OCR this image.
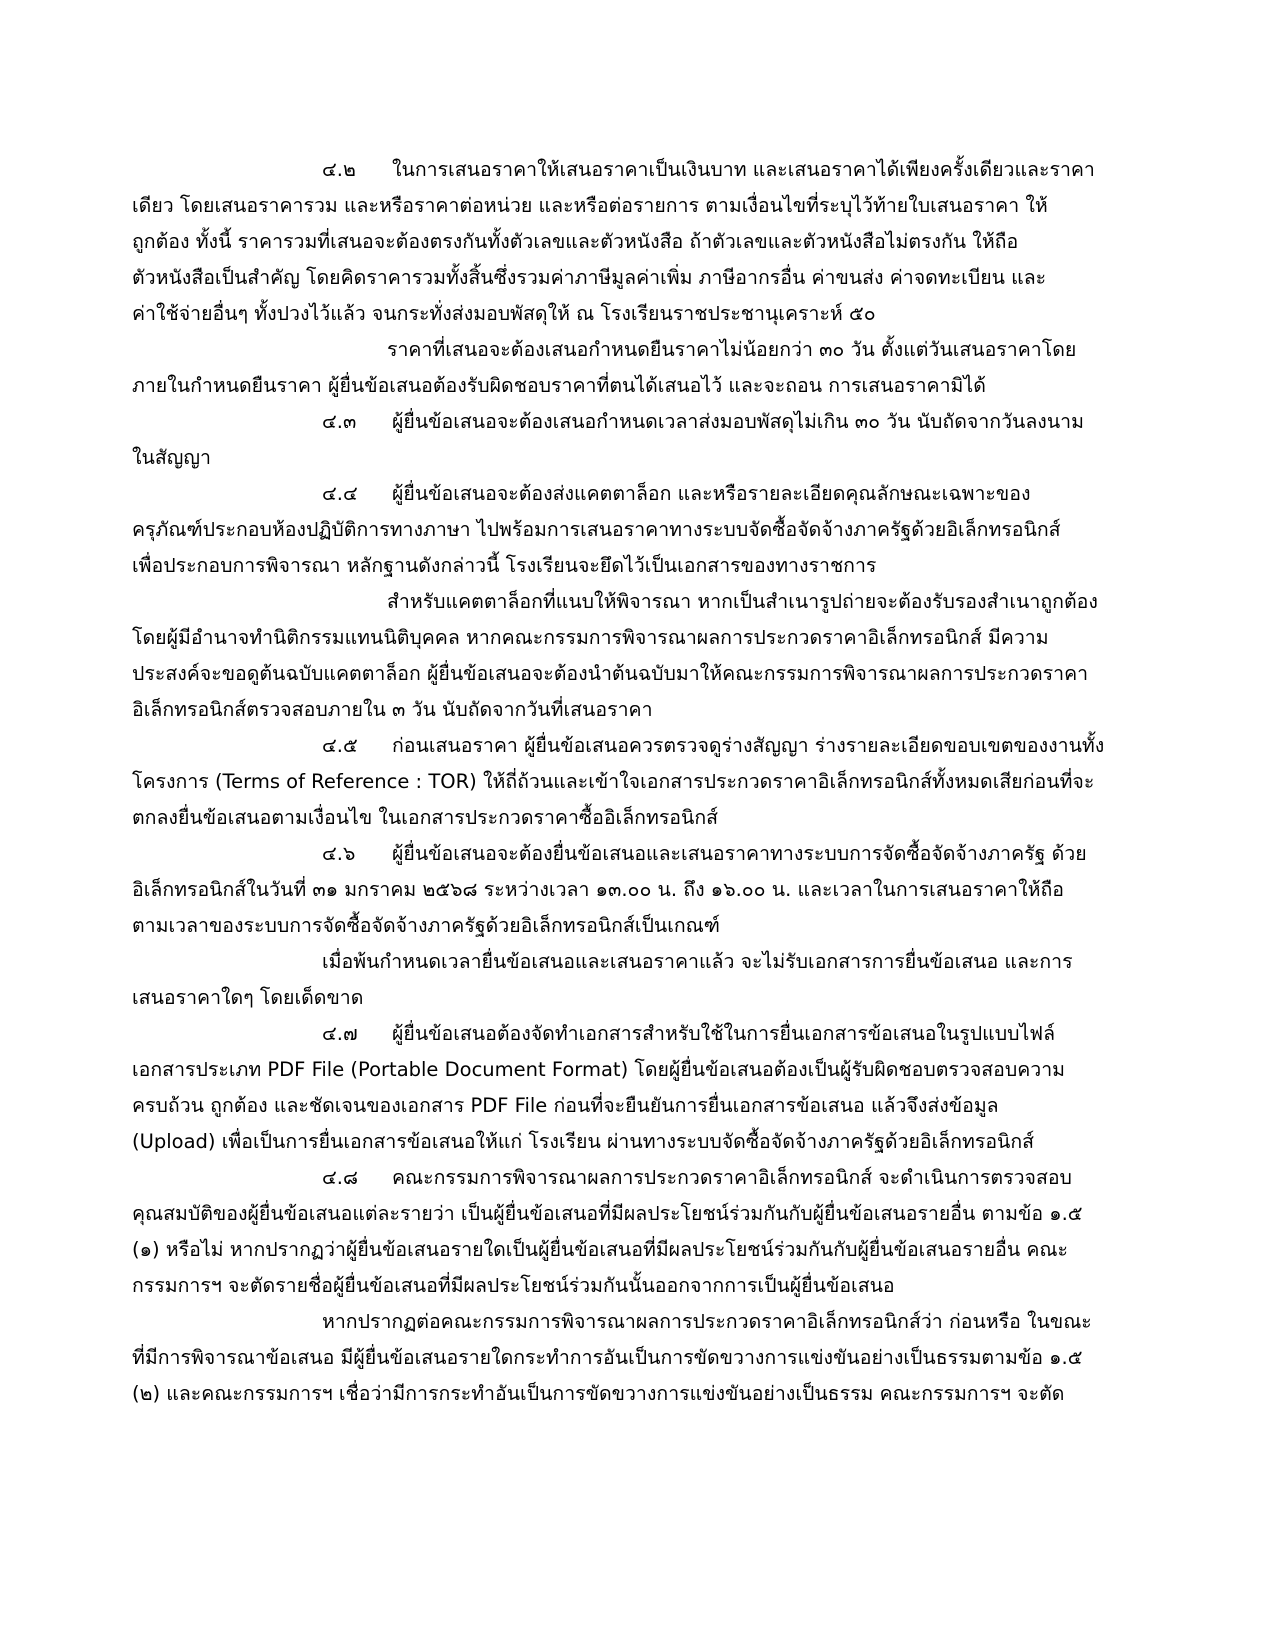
๔.๒ ในการเสนอราคาให้เสนอราคาเป็นเงินบาท และเสนอราคาได้เพียงครั้งเดียวและราคา
เดียว โดยเสนอราคารวม และหรือราคาต่อหน่วย และหรือต่อรายการ ตามเงื่อนไขที่ระบุไว้ท้ายใบเสนอราคา ให้
ถูกต้อง ทั้งนี้ ราคารวมที่เสนอจะต้องตรงกันทั้งตัวเลขและตัวหนังสือ ถ้าตัวเลขและตัวหนังสือไม่ตรงกัน ให้ถือ
ตัวหนังสือเป็นสำคัญ โดยคิดราคารวมทั้งสิ้นซึ่งรวมค่าภาษีมูลค่าเพิ่ม ภาษีอากรอื่น ค่าขนส่ง ค่าจดทะเบียน และ
ค่าใช้จ่ายอื่นๆ ทั้งปวงไว้แล้ว จนกระทั่งส่งมอบพัสดุให้ ณ โรงเรียนราชประชานุเคราะห์ ๕๐
ราคาที่เสนอจะต้องเสนอกำหนดยืนราคาไม่น้อยกว่า ๓๐ วัน ตั้งแต่วันเสนอราคาโดย
ภายในกำหนดยืนราคา ผู้ยื่นข้อเสนอต้องรับผิดชอบราคาที่ตนได้เสนอไว้ และจะถอน การเสนอราคามิได้
๔.๓ ผู้ยื่นข้อเสนอจะต้องเสนอกำหนดเวลาส่งมอบพัสดุไม่เกิน ๓๐ วัน นับถัดจากวันลงนาม
ในสัญญา
๔.๔ ผู้ยื่นข้อเสนอจะต้องส่งแคตตาล็อก และหรือรายละเอียดคุณลักษณะเฉพาะของ
ครุภัณฑ์ประกอบห้องปฏิบัติการทางภาษา ไปพร้อมการเสนอราคาทางระบบจัดซื้อจัดจ้างภาครัฐด้วยอิเล็กทรอนิกส์
เพื่อประกอบการพิจารณา หลักฐานดังกล่าวนี้ โรงเรียนจะยึดไว้เป็นเอกสารของทางราชการ
สำหรับแคตตาล็อกที่แนบให้พิจารณา หากเป็นสำเนารูปถ่ายจะต้องรับรองสำเนาถูกต้อง
โดยผู้มีอำนาจทำนิติกรรมแทนนิติบุคคล หากคณะกรรมการพิจารณาผลการประกวดราคาอิเล็กทรอนิกส์ มีความ
ประสงค์จะขอดูต้นฉบับแคตตาล็อก ผู้ยื่นข้อเสนอจะต้องนำต้นฉบับมาให้คณะกรรมการพิจารณาผลการประกวดราคา
อิเล็กทรอนิกส์ตรวจสอบภายใน ๓ วัน นับถัดจากวันที่เสนอราคา
๔.๕ ก่อนเสนอราคา ผู้ยื่นข้อเสนอควรตรวจดูร่างสัญญา ร่างรายละเอียดขอบเขตของงานทั้ง
โครงการ (Terms of Reference : TOR) ให้ถี่ถ้วนและเข้าใจเอกสารประกวดราคาอิเล็กทรอนิกส์ทั้งหมดเสียก่อนที่จะ
ตกลงยื่นข้อเสนอตามเงื่อนไข ในเอกสารประกวดราคาซื้ออิเล็กทรอนิกส์
๔.๖ ผู้ยื่นข้อเสนอจะต้องยื่นข้อเสนอและเสนอราคาทางระบบการจัดซื้อจัดจ้างภาครัฐ ด้วย
อิเล็กทรอนิกส์ในวันที่ ๓๑ มกราคม ๒๕๖๘ ระหว่างเวลา ๑๓.๐๐ น. ถึง ๑๖.๐๐ น. และเวลาในการเสนอราคาให้ถือ
ตามเวลาของระบบการจัดซื้อจัดจ้างภาครัฐด้วยอิเล็กทรอนิกส์เป็นเกณฑ์
เมื่อพ้นกำหนดเวลายื่นข้อเสนอและเสนอราคาแล้ว จะไม่รับเอกสารการยื่นข้อเสนอ และการ
เสนอราคาใดๆ โดยเด็ดขาด
๔.๗ ผู้ยื่นข้อเสนอต้องจัดทำเอกสารสำหรับใช้ในการยื่นเอกสารข้อเสนอในรูปแบบไฟล์
เอกสารประเภท PDF File (Portable Document Format) โดยผู้ยื่นข้อเสนอต้องเป็นผู้รับผิดชอบตรวจสอบความ
ครบถ้วน ถูกต้อง และชัดเจนของเอกสาร PDF File ก่อนที่จะยืนยันการยื่นเอกสารข้อเสนอ แล้วจึงส่งข้อมูล
(Upload) เพื่อเป็นการยื่นเอกสารข้อเสนอให้แก่ โรงเรียน ผ่านทางระบบจัดซื้อจัดจ้างภาครัฐด้วยอิเล็กทรอนิกส์
๔.๘ คณะกรรมการพิจารณาผลการประกวดราคาอิเล็กทรอนิกส์ จะดำเนินการตรวจสอบ
คุณสมบัติของผู้ยื่นข้อเสนอแต่ละรายว่า เป็นผู้ยื่นข้อเสนอที่มีผลประโยชน์ร่วมกันกับผู้ยื่นข้อเสนอรายอื่น ตามข้อ ๑.๕
(๑) หรือไม่ หากปรากฏว่าผู้ยื่นข้อเสนอรายใดเป็นผู้ยื่นข้อเสนอที่มีผลประโยชน์ร่วมกันกับผู้ยื่นข้อเสนอรายอื่น คณะ
กรรมการฯ จะตัดรายชื่อผู้ยื่นข้อเสนอที่มีผลประโยชน์ร่วมกันนั้นออกจากการเป็นผู้ยื่นข้อเสนอ
หากปรากฏต่อคณะกรรมการพิจารณาผลการประกวดราคาอิเล็กทรอนิกส์ว่า ก่อนหรือ ในขณะ
ที่มีการพิจารณาข้อเสนอ มีผู้ยื่นข้อเสนอรายใดกระทำการอันเป็นการขัดขวางการแข่งขันอย่างเป็นธรรมตามข้อ ๑.๕
(๒) และคณะกรรมการฯ เชื่อว่ามีการกระทำอันเป็นการขัดขวางการแข่งขันอย่างเป็นธรรม คณะกรรมการฯ จะตัด
